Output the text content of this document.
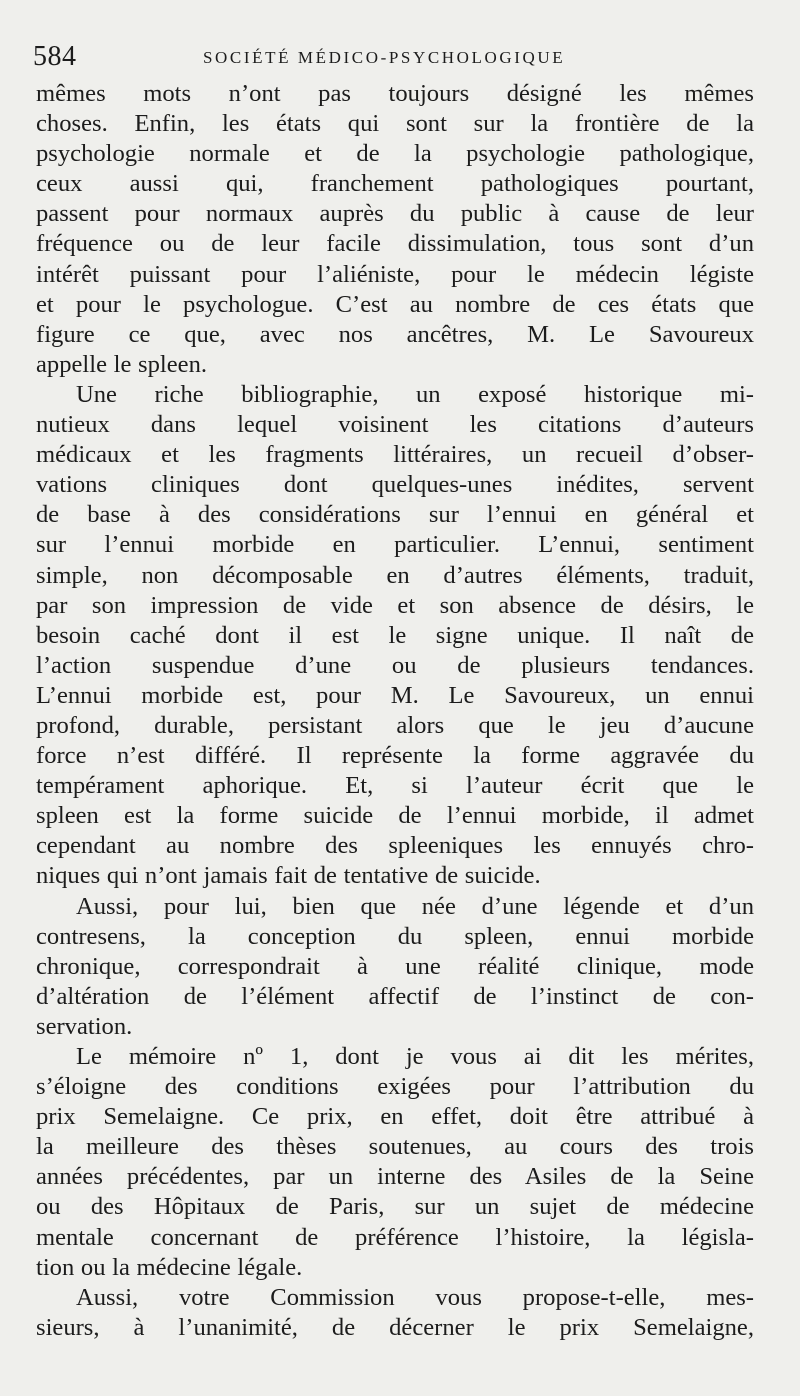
584	SOCIÉTÉ MÉDICO-PSYCHOLOGIQUE
mêmes mots n’ont pas toujours désigné les mêmes
choses. Enfin, les états qui sont sur la frontière de la
psychologie normale et de la psychologie pathologique,
ceux aussi qui, franchement pathologiques pourtant,
passent pour normaux auprès du public à cause de leur
fréquence ou de leur facile dissimulation, tous sont d’un
intérêt puissant pour l’aliéniste, pour le médecin légiste
et pour le psychologue. C’est au nombre de ces états que
figure ce que, avec nos ancêtres, M. Le Savoureux
appelle le spleen.
Une riche bibliographie, un exposé historique mi-
nutieux dans lequel voisinent les citations d’auteurs
médicaux et les fragments littéraires, un recueil d’obser-
vations cliniques dont quelques-unes inédites, servent
de base à des considérations sur l’ennui en général et
sur l’ennui morbide en particulier. L’ennui, sentiment
simple, non décomposable en d’autres éléments, traduit,
par son impression de vide et son absence de désirs, le
besoin caché dont il est le signe unique. Il naît de
l’action suspendue d’une ou de plusieurs tendances.
L’ennui morbide est, pour M. Le Savoureux, un ennui
profond, durable, persistant alors que le jeu d’aucune
force n’est différé. Il représente la forme aggravée du
tempérament aphorique. Et, si l’auteur écrit que le
spleen est la forme suicide de l’ennui morbide, il admet
cependant au nombre des spleeniques les ennuyés chro-
niques qui n’ont jamais fait de tentative de suicide.
Aussi, pour lui, bien que née d’une légende et d’un
contresens, la conception du spleen, ennui morbide
chronique, correspondrait à une réalité clinique, mode
d’altération de l’élément affectif de l’instinct de con-
servation.
Le mémoire nº 1, dont je vous ai dit les mérites,
s’éloigne des conditions exigées pour l’attribution du
prix Semelaigne. Ce prix, en effet, doit être attribué à
la meilleure des thèses soutenues, au cours des trois
années précédentes, par un interne des Asiles de la Seine
ou des Hôpitaux de Paris, sur un sujet de médecine
mentale concernant de préférence l’histoire, la législa-
tion ou la médecine légale.
Aussi, votre Commission vous propose-t-elle, mes-
sieurs, à l’unanimité, de décerner le prix Semelaigne,
